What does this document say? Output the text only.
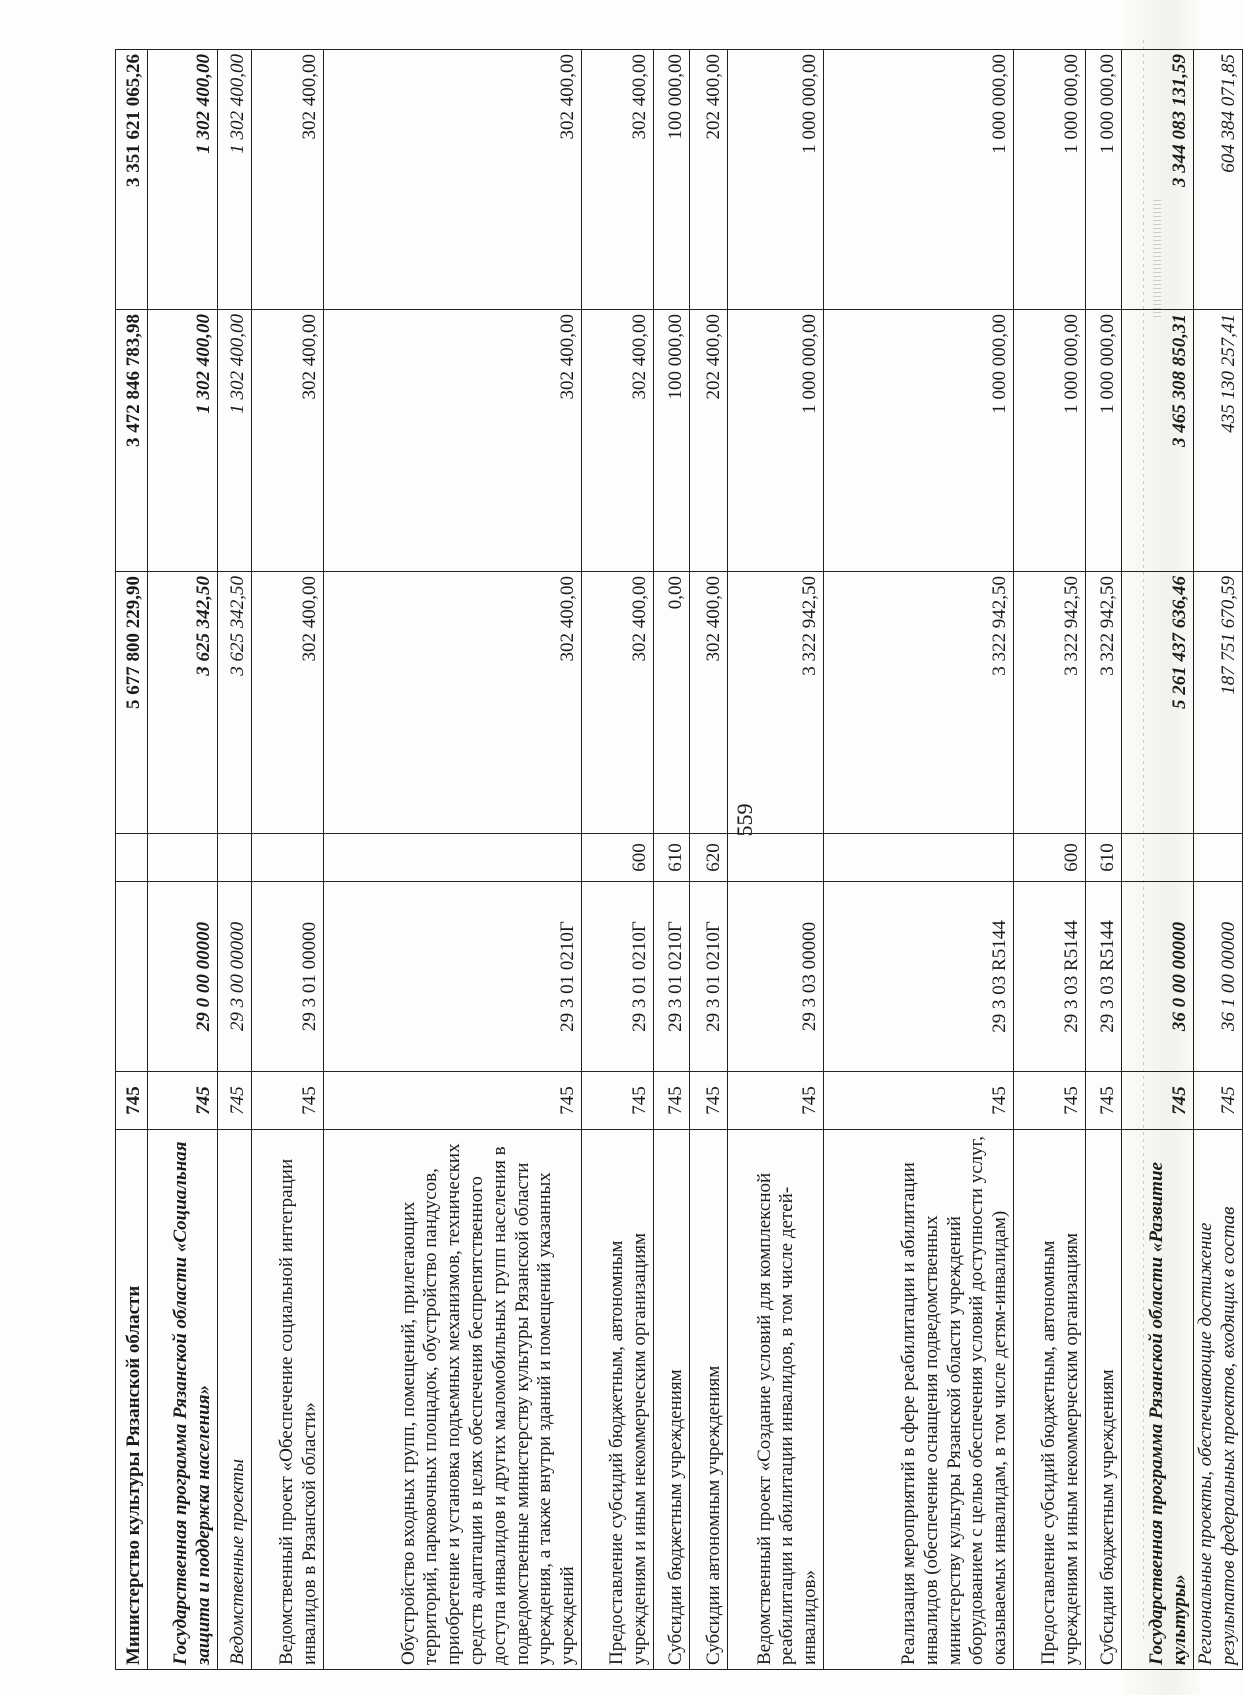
559
Министерство культуры Рязанской области	745			5 677 800 229,90	3 472 846 783,98	3 351 621 065,26
Государственная программа Рязанской области «Социальная защита и поддержка населения»	745	29 0 00 00000		3 625 342,50	1 302 400,00	1 302 400,00
Ведомственные проекты	745	29 3 00 00000		3 625 342,50	1 302 400,00	1 302 400,00
Ведомственный проект «Обеспечение социальной интеграции инвалидов в Рязанской области»	745	29 3 01 00000		302 400,00	302 400,00	302 400,00
Обустройство входных групп, помещений, прилегающих территорий, парковочных площадок, обустройство пандусов, приобретение и установка подъемных механизмов, технических средств адаптации в целях обеспечения беспрепятственного доступа инвалидов и других маломобильных групп населения в подведомственные министерству культуры Рязанской области учреждения, а также внутри зданий и помещений указанных учреждений	745	29 3 01 0210Г		302 400,00	302 400,00	302 400,00
Предоставление субсидий бюджетным, автономным учреждениям и иным некоммерческим организациям	745	29 3 01 0210Г	600	302 400,00	302 400,00	302 400,00
Субсидии бюджетным учреждениям	745	29 3 01 0210Г	610	0,00	100 000,00	100 000,00
Субсидии автономным учреждениям	745	29 3 01 0210Г	620	302 400,00	202 400,00	202 400,00
Ведомственный проект «Создание условий для комплексной реабилитации и абилитации инвалидов, в том числе детей-инвалидов»	745	29 3 03 00000		3 322 942,50	1 000 000,00	1 000 000,00
Реализация мероприятий в сфере реабилитации и абилитации инвалидов (обеспечение оснащения подведомственных министерству культуры Рязанской области учреждений оборудованием с целью обеспечения условий доступности услуг, оказываемых инвалидам, в том числе детям-инвалидам)	745	29 3 03 R5144		3 322 942,50	1 000 000,00	1 000 000,00
Предоставление субсидий бюджетным, автономным учреждениям и иным некоммерческим организациям	745	29 3 03 R5144	600	3 322 942,50	1 000 000,00	1 000 000,00
Субсидии бюджетным учреждениям	745	29 3 03 R5144	610	3 322 942,50	1 000 000,00	1 000 000,00
Государственная программа Рязанской области «Развитие культуры»	745	36 0 00 00000		5 261 437 636,46	3 465 308 850,31	3 344 083 131,59
Региональные проекты, обеспечивающие достижение результатов федеральных проектов, входящих в состав	745	36 1 00 00000		187 751 670,59	435 130 257,41	604 384 071,85
